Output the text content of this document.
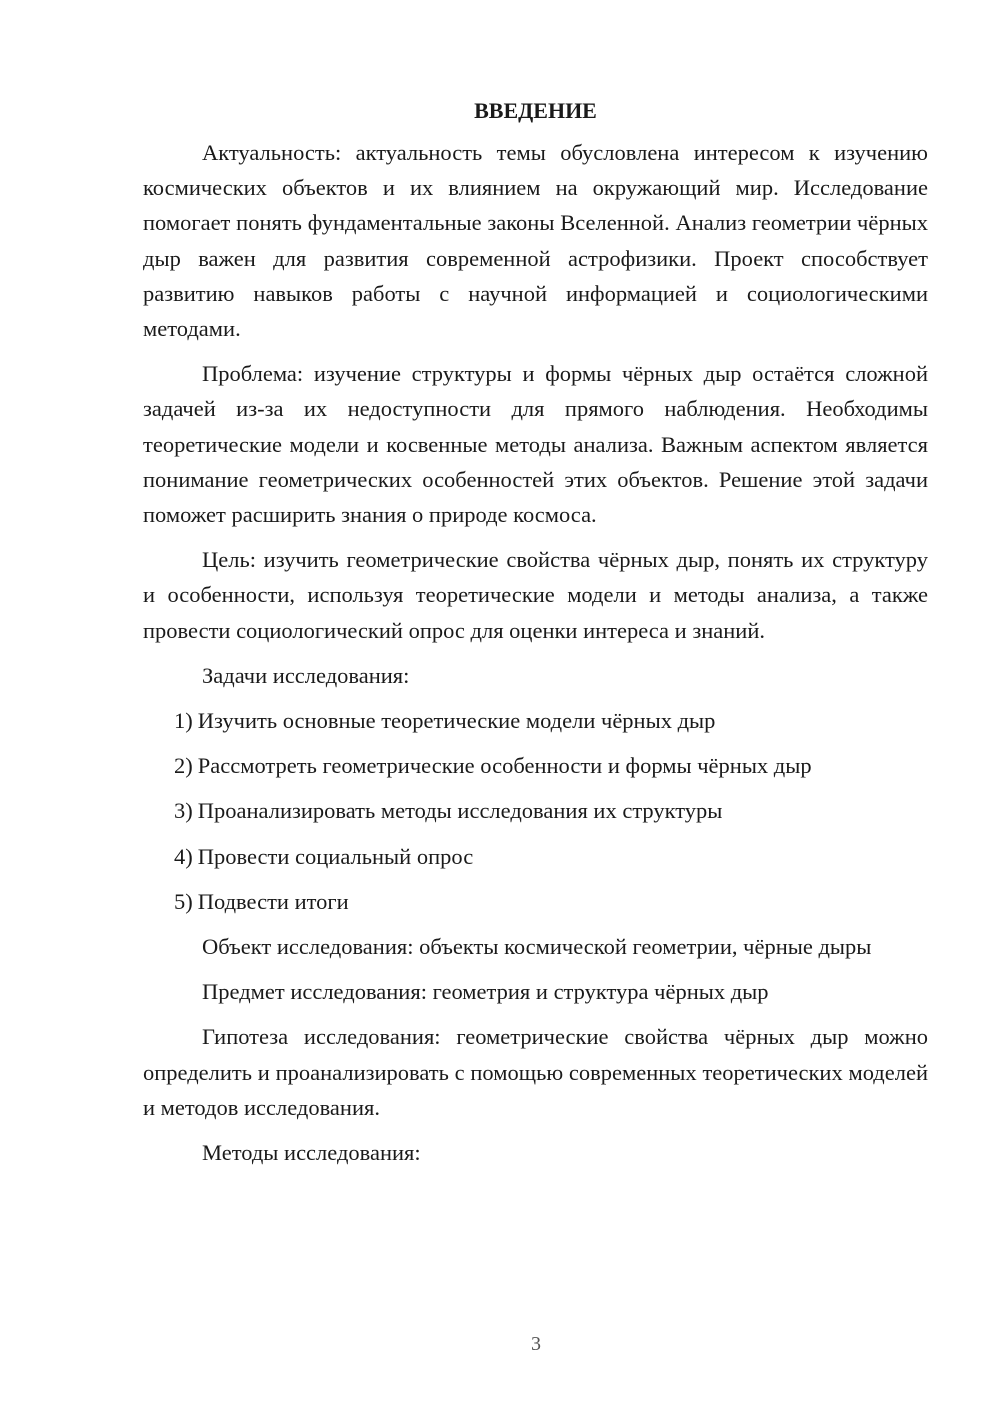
ВВЕДЕНИЕ

Актуальность: актуальность темы обусловлена интересом к изучению космических объектов и их влиянием на окружающий мир. Исследование помогает понять фундаментальные законы Вселенной. Анализ геометрии чёрных дыр важен для развития современной астрофизики. Проект способствует развитию навыков работы с научной информацией и социологическими методами.

Проблема: изучение структуры и формы чёрных дыр остаётся сложной задачей из-за их недоступности для прямого наблюдения. Необходимы теоретические модели и косвенные методы анализа. Важным аспектом является понимание геометрических особенностей этих объектов. Решение этой задачи поможет расширить знания о природе космоса.

Цель: изучить геометрические свойства чёрных дыр, понять их структуру и особенности, используя теоретические модели и методы анализа, а также провести социологический опрос для оценки интереса и знаний.

Задачи исследования:

1) Изучить основные теоретические модели чёрных дыр
2) Рассмотреть геометрические особенности и формы чёрных дыр
3) Проанализировать методы исследования их структуры
4) Провести социальный опрос
5) Подвести итоги

Объект исследования: объекты космической геометрии, чёрные дыры

Предмет исследования: геометрия и структура чёрных дыр

Гипотеза исследования: геометрические свойства чёрных дыр можно определить и проанализировать с помощью современных теоретических моделей и методов исследования.

Методы исследования:

3
